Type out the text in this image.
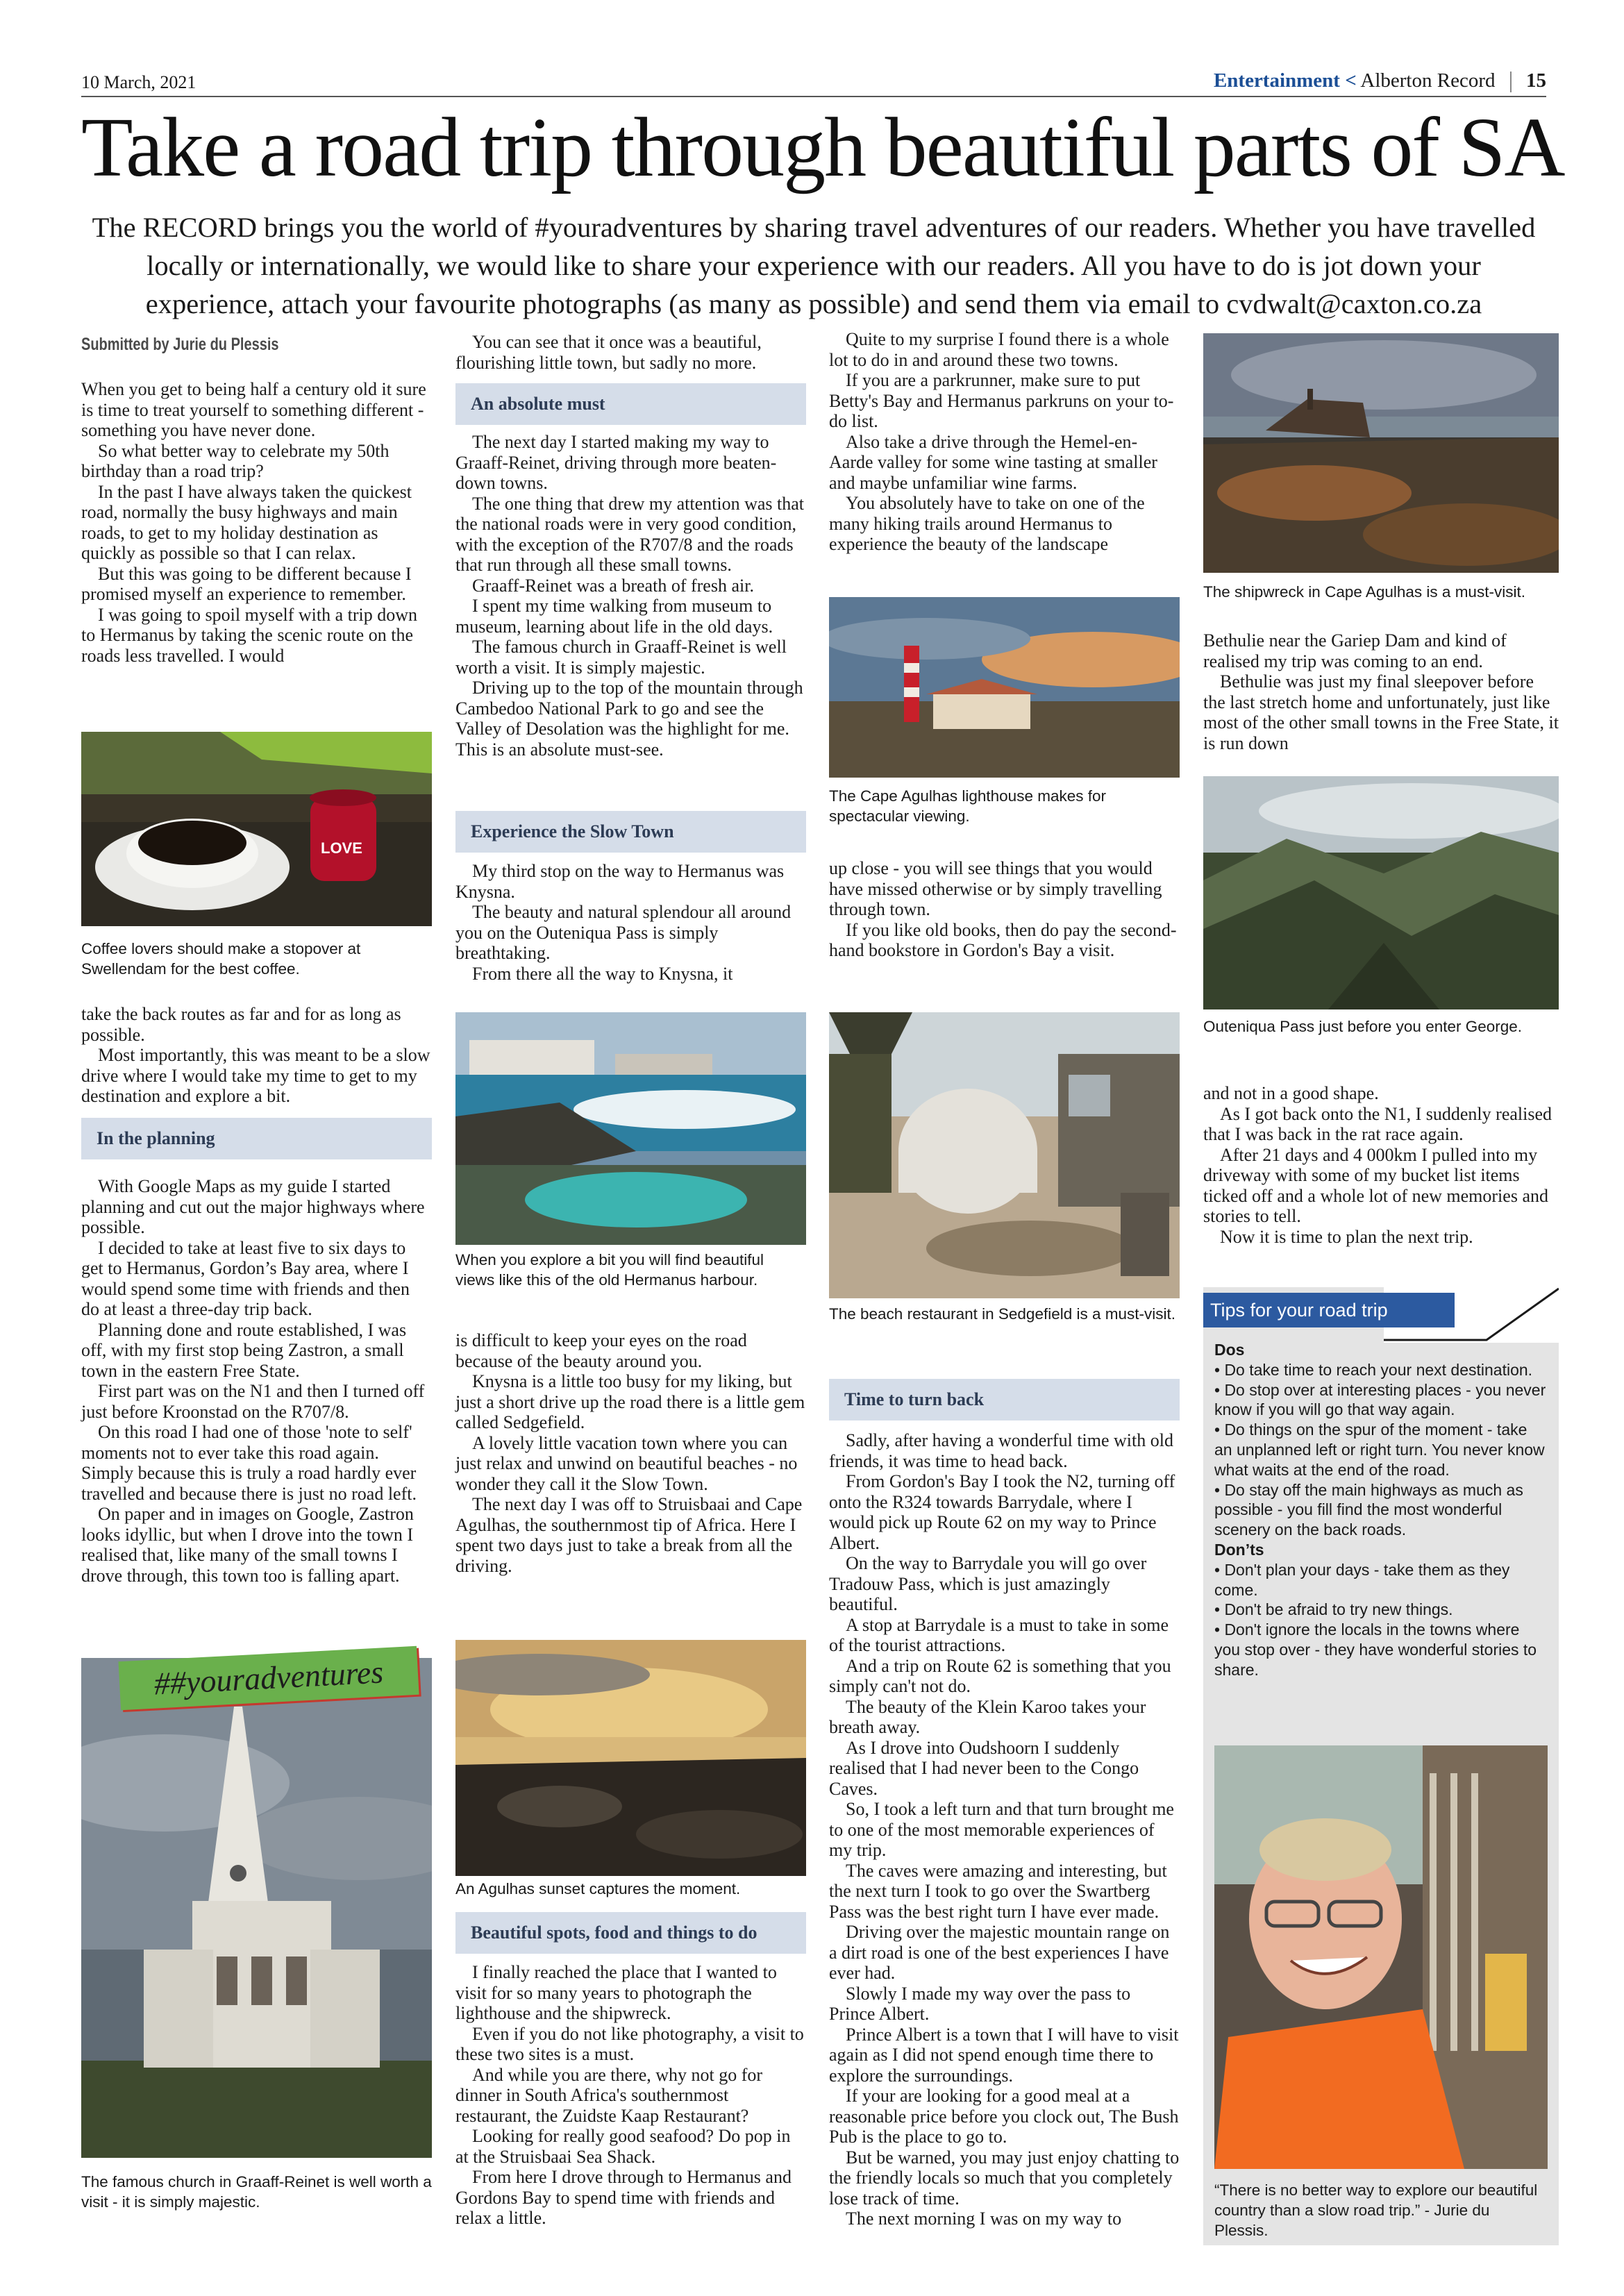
10 March, 2021	Entertainment < Alberton Record 15
Take a road trip through beautiful parts of SA
The RECORD brings you the world of #youradventures by sharing travel adventures of our readers. Whether you have travelled locally or internationally, we would like to share your experience with our readers. All you have to do is jot down your experience, attach your favourite photographs (as many as possible) and send them via email to cvdwalt@caxton.co.za
Submitted by Jurie du Plessis

When you get to being half a century old it sure is time to treat yourself to something different - something you have never done.

So what better way to celebrate my 50th birthday than a road trip?

In the past I have always taken the quickest road, normally the busy highways and main roads, to get to my holiday destination as quickly as possible so that I can relax.

But this was going to be different because I promised myself an experience to remember.

I was going to spoil myself with a trip down to Hermanus by taking the scenic route on the roads less travelled. I would

LOVE
Coffee lovers should make a stopover at Swellendam for the best coffee.

take the back routes as far and for as long as possible.

Most importantly, this was meant to be a slow drive where I would take my time to get to my destination and explore a bit.

In the planning

With Google Maps as my guide I started planning and cut out the major highways where possible.

I decided to take at least five to six days to get to Hermanus, Gordon’s Bay area, where I would spend some time with friends and then do at least a three-day trip back.

Planning done and route established, I was off, with my first stop being Zastron, a small town in the eastern Free State.

First part was on the N1 and then I turned off just before Kroonstad on the R707/8.

On this road I had one of those 'note to self' moments not to ever take this road again. Simply because this is truly a road hardly ever travelled and because there is just no road left.

On paper and in images on Google, Zastron looks idyllic, but when I drove into the town I realised that, like many of the small towns I drove through, this town too is falling apart.

##youradventures
The famous church in Graaff-Reinet is well worth a visit - it is simply majestic.

You can see that it once was a beautiful, flourishing little town, but sadly no more.

An absolute must

The next day I started making my way to Graaff-Reinet, driving through more beaten-down towns.

The one thing that drew my attention was that the national roads were in very good condition, with the exception of the R707/8 and the roads that run through all these small towns.

Graaff-Reinet was a breath of fresh air.

I spent my time walking from museum to museum, learning about life in the old days.

The famous church in Graaff-Reinet is well worth a visit. It is simply majestic.

Driving up to the top of the mountain through Cambedoo National Park to go and see the Valley of Desolation was the highlight for me. This is an absolute must-see.

Experience the Slow Town

My third stop on the way to Hermanus was Knysna.

The beauty and natural splendour all around you on the Outeniqua Pass is simply breathtaking.

From there all the way to Knysna, it

When you explore a bit you will find beautiful views like this of the old Hermanus harbour.

is difficult to keep your eyes on the road because of the beauty around you.

Knysna is a little too busy for my liking, but just a short drive up the road there is a little gem called Sedgefield.

A lovely little vacation town where you can just relax and unwind on beautiful beaches - no wonder they call it the Slow Town.

The next day I was off to Struisbaai and Cape Agulhas, the southernmost tip of Africa. Here I spent two days just to take a break from all the driving.

An Agulhas sunset captures the moment.
Beautiful spots, food and things to do

I finally reached the place that I wanted to visit for so many years to photograph the lighthouse and the shipwreck.

Even if you do not like photography, a visit to these two sites is a must.

And while you are there, why not go for dinner in South Africa's southernmost restaurant, the Zuidste Kaap Restaurant?

Looking for really good seafood? Do pop in at the Struisbaai Sea Shack.

From here I drove through to Hermanus and Gordons Bay to spend time with friends and relax a little.

Quite to my surprise I found there is a whole lot to do in and around these two towns.

If you are a parkrunner, make sure to put Betty's Bay and Hermanus parkruns on your to-do list.

Also take a drive through the Hemel-en-Aarde valley for some wine tasting at smaller and maybe unfamiliar wine farms.

You absolutely have to take on one of the many hiking trails around Hermanus to experience the beauty of the landscape

The Cape Agulhas lighthouse makes for spectacular viewing.

up close - you will see things that you would have missed otherwise or by simply travelling through town.

If you like old books, then do pay the second-hand bookstore in Gordon's Bay a visit.

The beach restaurant in Sedgefield is a must-visit.
Time to turn back

Sadly, after having a wonderful time with old friends, it was time to head back.

From Gordon's Bay I took the N2, turning off onto the R324 towards Barrydale, where I would pick up Route 62 on my way to Prince Albert.

On the way to Barrydale you will go over Tradouw Pass, which is just amazingly beautiful.

A stop at Barrydale is a must to take in some of the tourist attractions.

And a trip on Route 62 is something that you simply can't not do.

The beauty of the Klein Karoo takes your breath away.

As I drove into Oudshoorn I suddenly realised that I had never been to the Congo Caves.

So, I took a left turn and that turn brought me to one of the most memorable experiences of my trip.

The caves were amazing and interesting, but the next turn I took to go over the Swartberg Pass was the best right turn I have ever made.

Driving over the majestic mountain range on a dirt road is one of the best experiences I have ever had.

Slowly I made my way over the pass to Prince Albert.

Prince Albert is a town that I will have to visit again as I did not spend enough time there to explore the surroundings.

If your are looking for a good meal at a reasonable price before you clock out, The Bush Pub is the place to go to.

But be warned, you may just enjoy chatting to the friendly locals so much that you completely lose track of time.

The next morning I was on my way to

The shipwreck in Cape Agulhas is a must-visit.

Bethulie near the Gariep Dam and kind of realised my trip was coming to an end.

Bethulie was just my final sleepover before the last stretch home and unfortunately, just like most of the other small towns in the Free State, it is run down

Outeniqua Pass just before you enter George.

and not in a good shape.

As I got back onto the N1, I suddenly realised that I was back in the rat race again.

After 21 days and 4 000km I pulled into my driveway with some of my bucket list items ticked off and a whole lot of new memories and stories to tell.

Now it is time to plan the next trip.

Tips for your road trip
Dos
• Do take time to reach your next destination.
• Do stop over at interesting places - you never know if you will go that way again.
• Do things on the spur of the moment - take an unplanned left or right turn. You never know what waits at the end of the road.
• Do stay off the main highways as much as possible - you fill find the most wonderful scenery on the back roads.
Don’ts
• Don't plan your days - take them as they come.
• Don't be afraid to try new things.
• Don't ignore the locals in the towns where you stop over - they have wonderful stories to share.
“There is no better way to explore our beautiful country than a slow road trip.” - Jurie du Plessis.
